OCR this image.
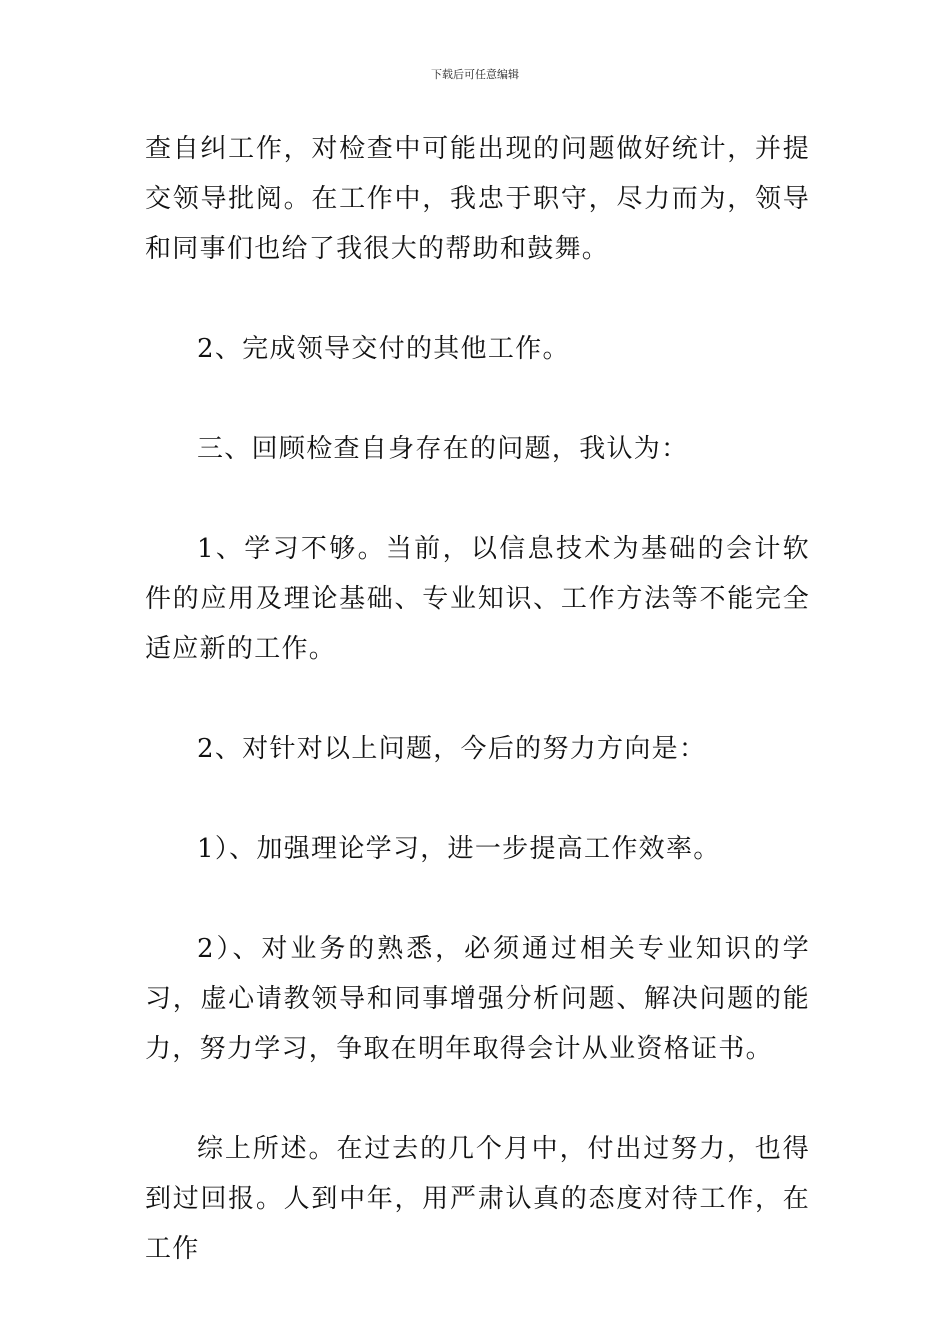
下载后可任意编辑

查自纠工作，对检查中可能出现的问题做好统计，并提交领导批阅。在工作中，我忠于职守，尽力而为，领导和同事们也给了我很大的帮助和鼓舞。

2、完成领导交付的其他工作。

三、回顾检查自身存在的问题，我认为：

1、学习不够。当前，以信息技术为基础的会计软件的应用及理论基础、专业知识、工作方法等不能完全适应新的工作。

2、对针对以上问题，今后的努力方向是：

1）、加强理论学习，进一步提高工作效率。

2）、对业务的熟悉，必须通过相关专业知识的学习，虚心请教领导和同事增强分析问题、解决问题的能力，努力学习，争取在明年取得会计从业资格证书。

综上所述。在过去的几个月中，付出过努力，也得到过回报。人到中年，用严肃认真的态度对待工作，在工作
